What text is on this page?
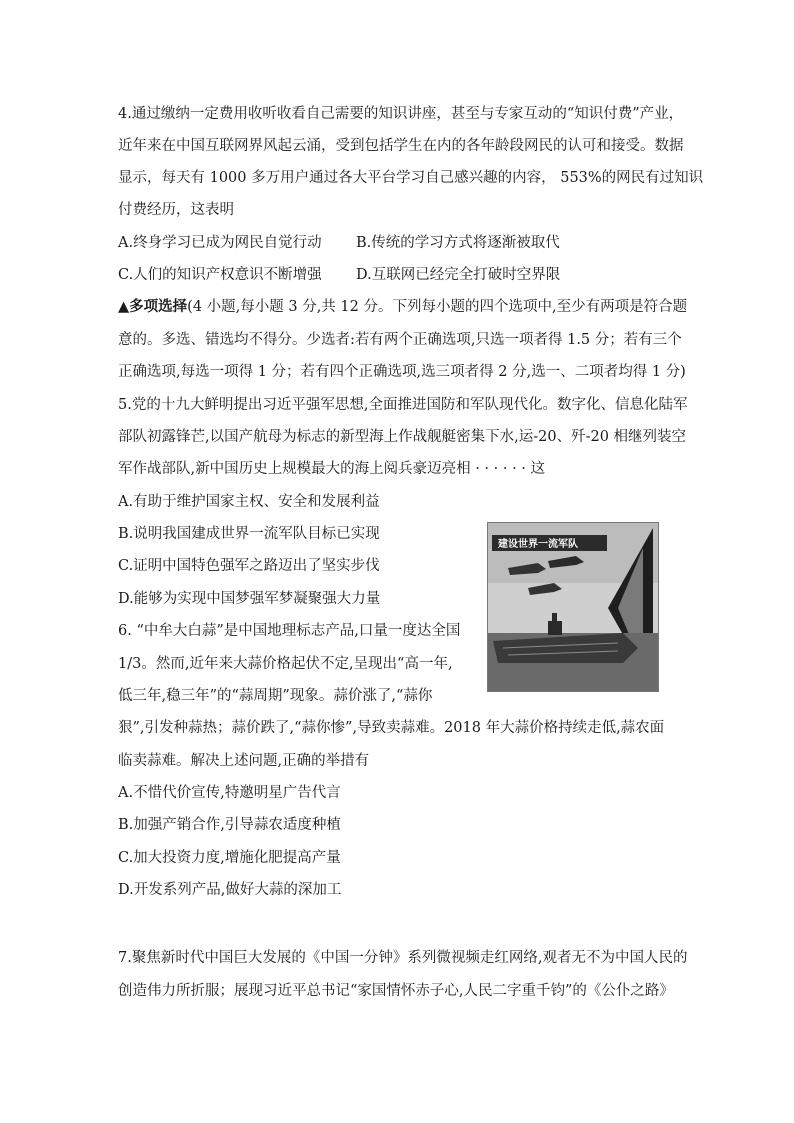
4.通过缴纳一定费用收听收看自己需要的知识讲座，甚至与专家互动的“知识付费”产业，
近年来在中国互联网界风起云涌，受到包括学生在内的各年龄段网民的认可和接受。数据
显示，每天有 1000 多万用户通过各大平台学习自己感兴趣的内容， 553%的网民有过知识
付费经历，这表明
A.终身学习已成为网民自觉行动 B.传统的学习方式将逐渐被取代
C.人们的知识产权意识不断增强 D.互联网已经完全打破时空界限
▲多项选择(4 小题,每小题 3 分,共 12 分。下列每小题的四个选项中,至少有两项是符合题
意的。多选、错选均不得分。少选者:若有两个正确选项,只选一项者得 1.5 分；若有三个
正确选项,每选一项得 1 分；若有四个正确选项,选三项者得 2 分,选一、二项者均得 1 分)
5.党的十九大鲜明提出习近平强军思想,全面推进国防和军队现代化。数字化、信息化陆军
部队初露锋芒,以国产航母为标志的新型海上作战舰艇密集下水,运-20、歼-20 相继列装空
军作战部队,新中国历史上规模最大的海上阅兵豪迈亮相 · · · · · · 这
A.有助于维护国家主权、安全和发展利益
B.说明我国建成世界一流军队目标已实现
C.证明中国特色强军之路迈出了坚实步伐
D.能够为实现中国梦强军梦凝聚强大力量
建设世界一流军队
6. “中牟大白蒜”是中国地理标志产品,口量一度达全国
1/3。然而,近年来大蒜价格起伏不定,呈现出“高一年,
低三年,稳三年”的“蒜周期”现象。蒜价涨了,“蒜你
狠”,引发种蒜热；蒜价跌了,“蒜你惨”,导致卖蒜难。2018 年大蒜价格持续走低,蒜农面
临卖蒜难。解决上述问题,正确的举措有
A.不惜代价宣传,特邀明星广告代言
B.加强产销合作,引导蒜农适度种植
C.加大投资力度,增施化肥提高产量
D.开发系列产品,做好大蒜的深加工
7.聚焦新时代中国巨大发展的《中国一分钟》系列微视频走红网络,观者无不为中国人民的
创造伟力所折服；展现习近平总书记“家国情怀赤子心,人民二字重千钧”的《公仆之路》
